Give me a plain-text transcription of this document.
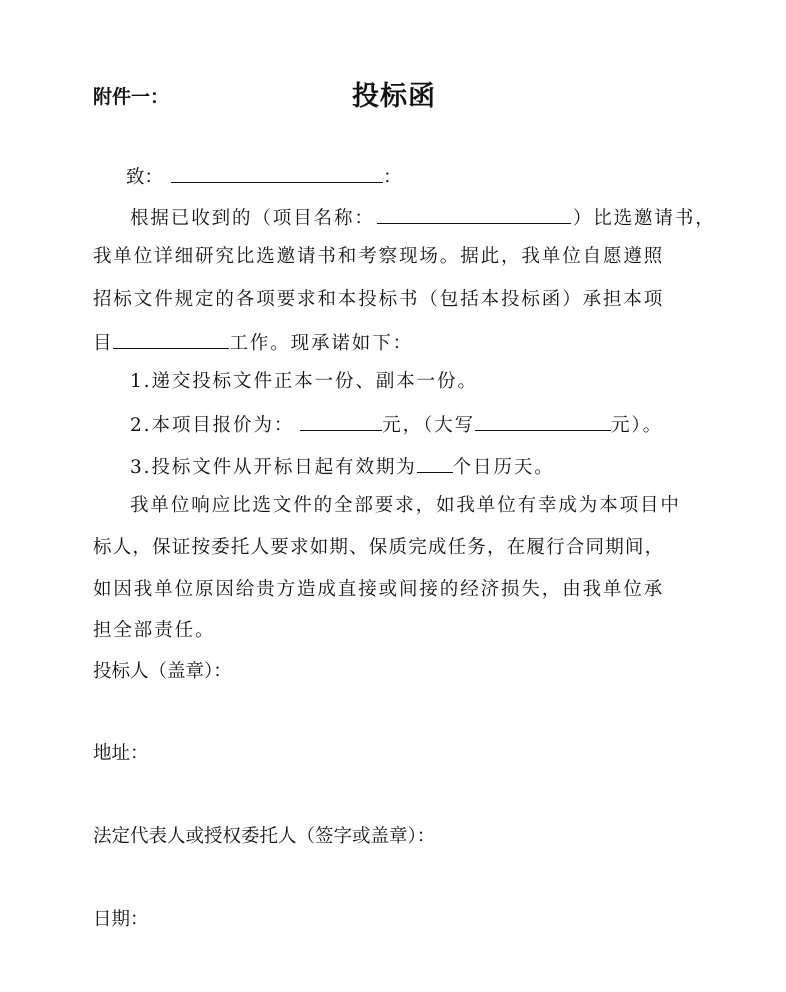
附件一：	投标函
致：	：
根据已收到的（项目名称：	）比选邀请书，
我单位详细研究比选邀请书和考察现场。据此，我单位自愿遵照
招标文件规定的各项要求和本投标书（包括本投标函）承担本项
目	工作。现承诺如下：
1.递交投标文件正本一份、副本一份。
2.本项目报价为：	元，（大写	元）。
3.投标文件从开标日起有效期为 个日历天。
我单位响应比选文件的全部要求，如我单位有幸成为本项目中
标人，保证按委托人要求如期、保质完成任务，在履行合同期间，
如因我单位原因给贵方造成直接或间接的经济损失，由我单位承
担全部责任。
投标人（盖章）：
地址：
法定代表人或授权委托人（签字或盖章）：
日期：
